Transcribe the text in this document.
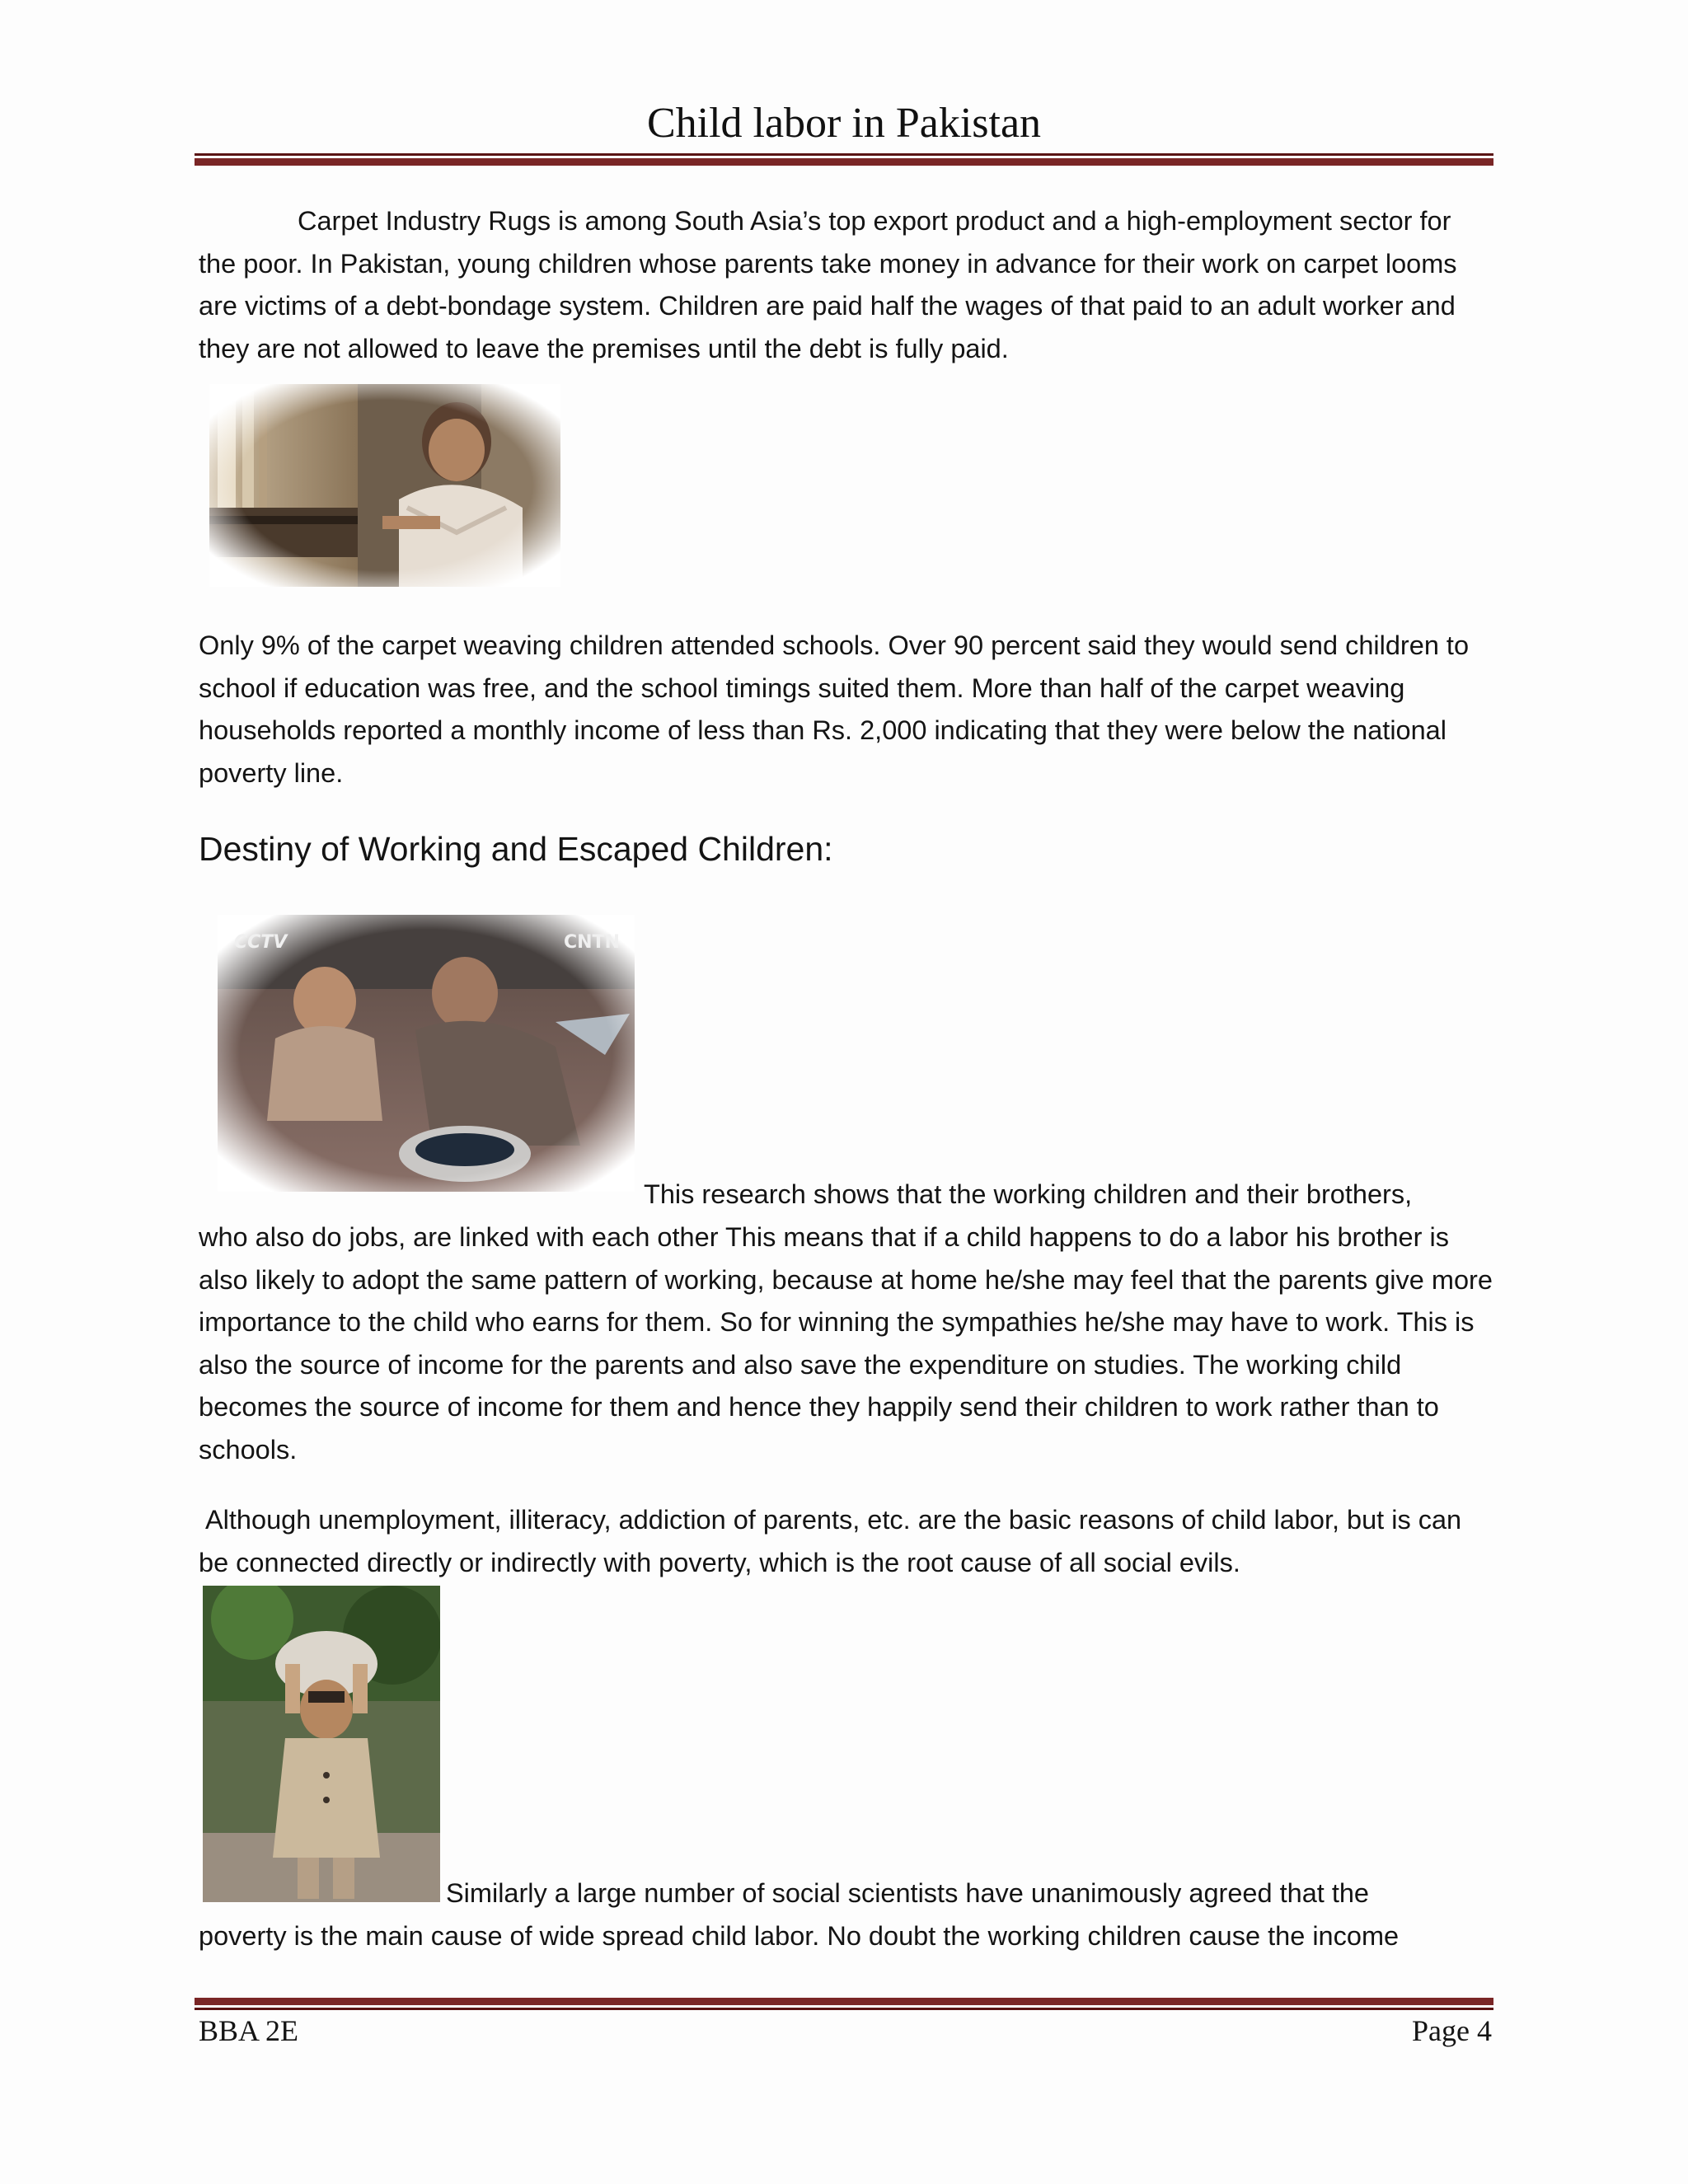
Child labor in Pakistan

Carpet Industry Rugs is among South Asia’s top export product and a high-employment sector for the poor. In Pakistan, young children whose parents take money in advance for their work on carpet looms are victims of a debt-bondage system. Children are paid half the wages of that paid to an adult worker and they are not allowed to leave the premises until the debt is fully paid.

Only 9% of the carpet weaving children attended schools. Over 90 percent said they would send children to school if education was free, and the school timings suited them. More than half of the carpet weaving households reported a monthly income of less than Rs. 2,000 indicating that they were below the national poverty line.

Destiny of Working and Escaped Children:
CCTV	CNTN

This research shows that the working children and their brothers,

who also do jobs, are linked with each other This means that if a child happens to do a labor his brother is also likely to adopt the same pattern of working, because at home he/she may feel that the parents give more importance to the child who earns for them. So for winning the sympathies he/she may have to work. This is also the source of income for the parents and also save the expenditure on studies. The working child becomes the source of income for them and hence they happily send their children to work rather than to schools.

Although unemployment, illiteracy, addiction of parents, etc. are the basic reasons of child labor, but is can be connected directly or indirectly with poverty, which is the root cause of all social evils.

Similarly a large number of social scientists have unanimously agreed that the

poverty is the main cause of wide spread child labor. No doubt the working children cause the income

BBA 2E	Page 4
